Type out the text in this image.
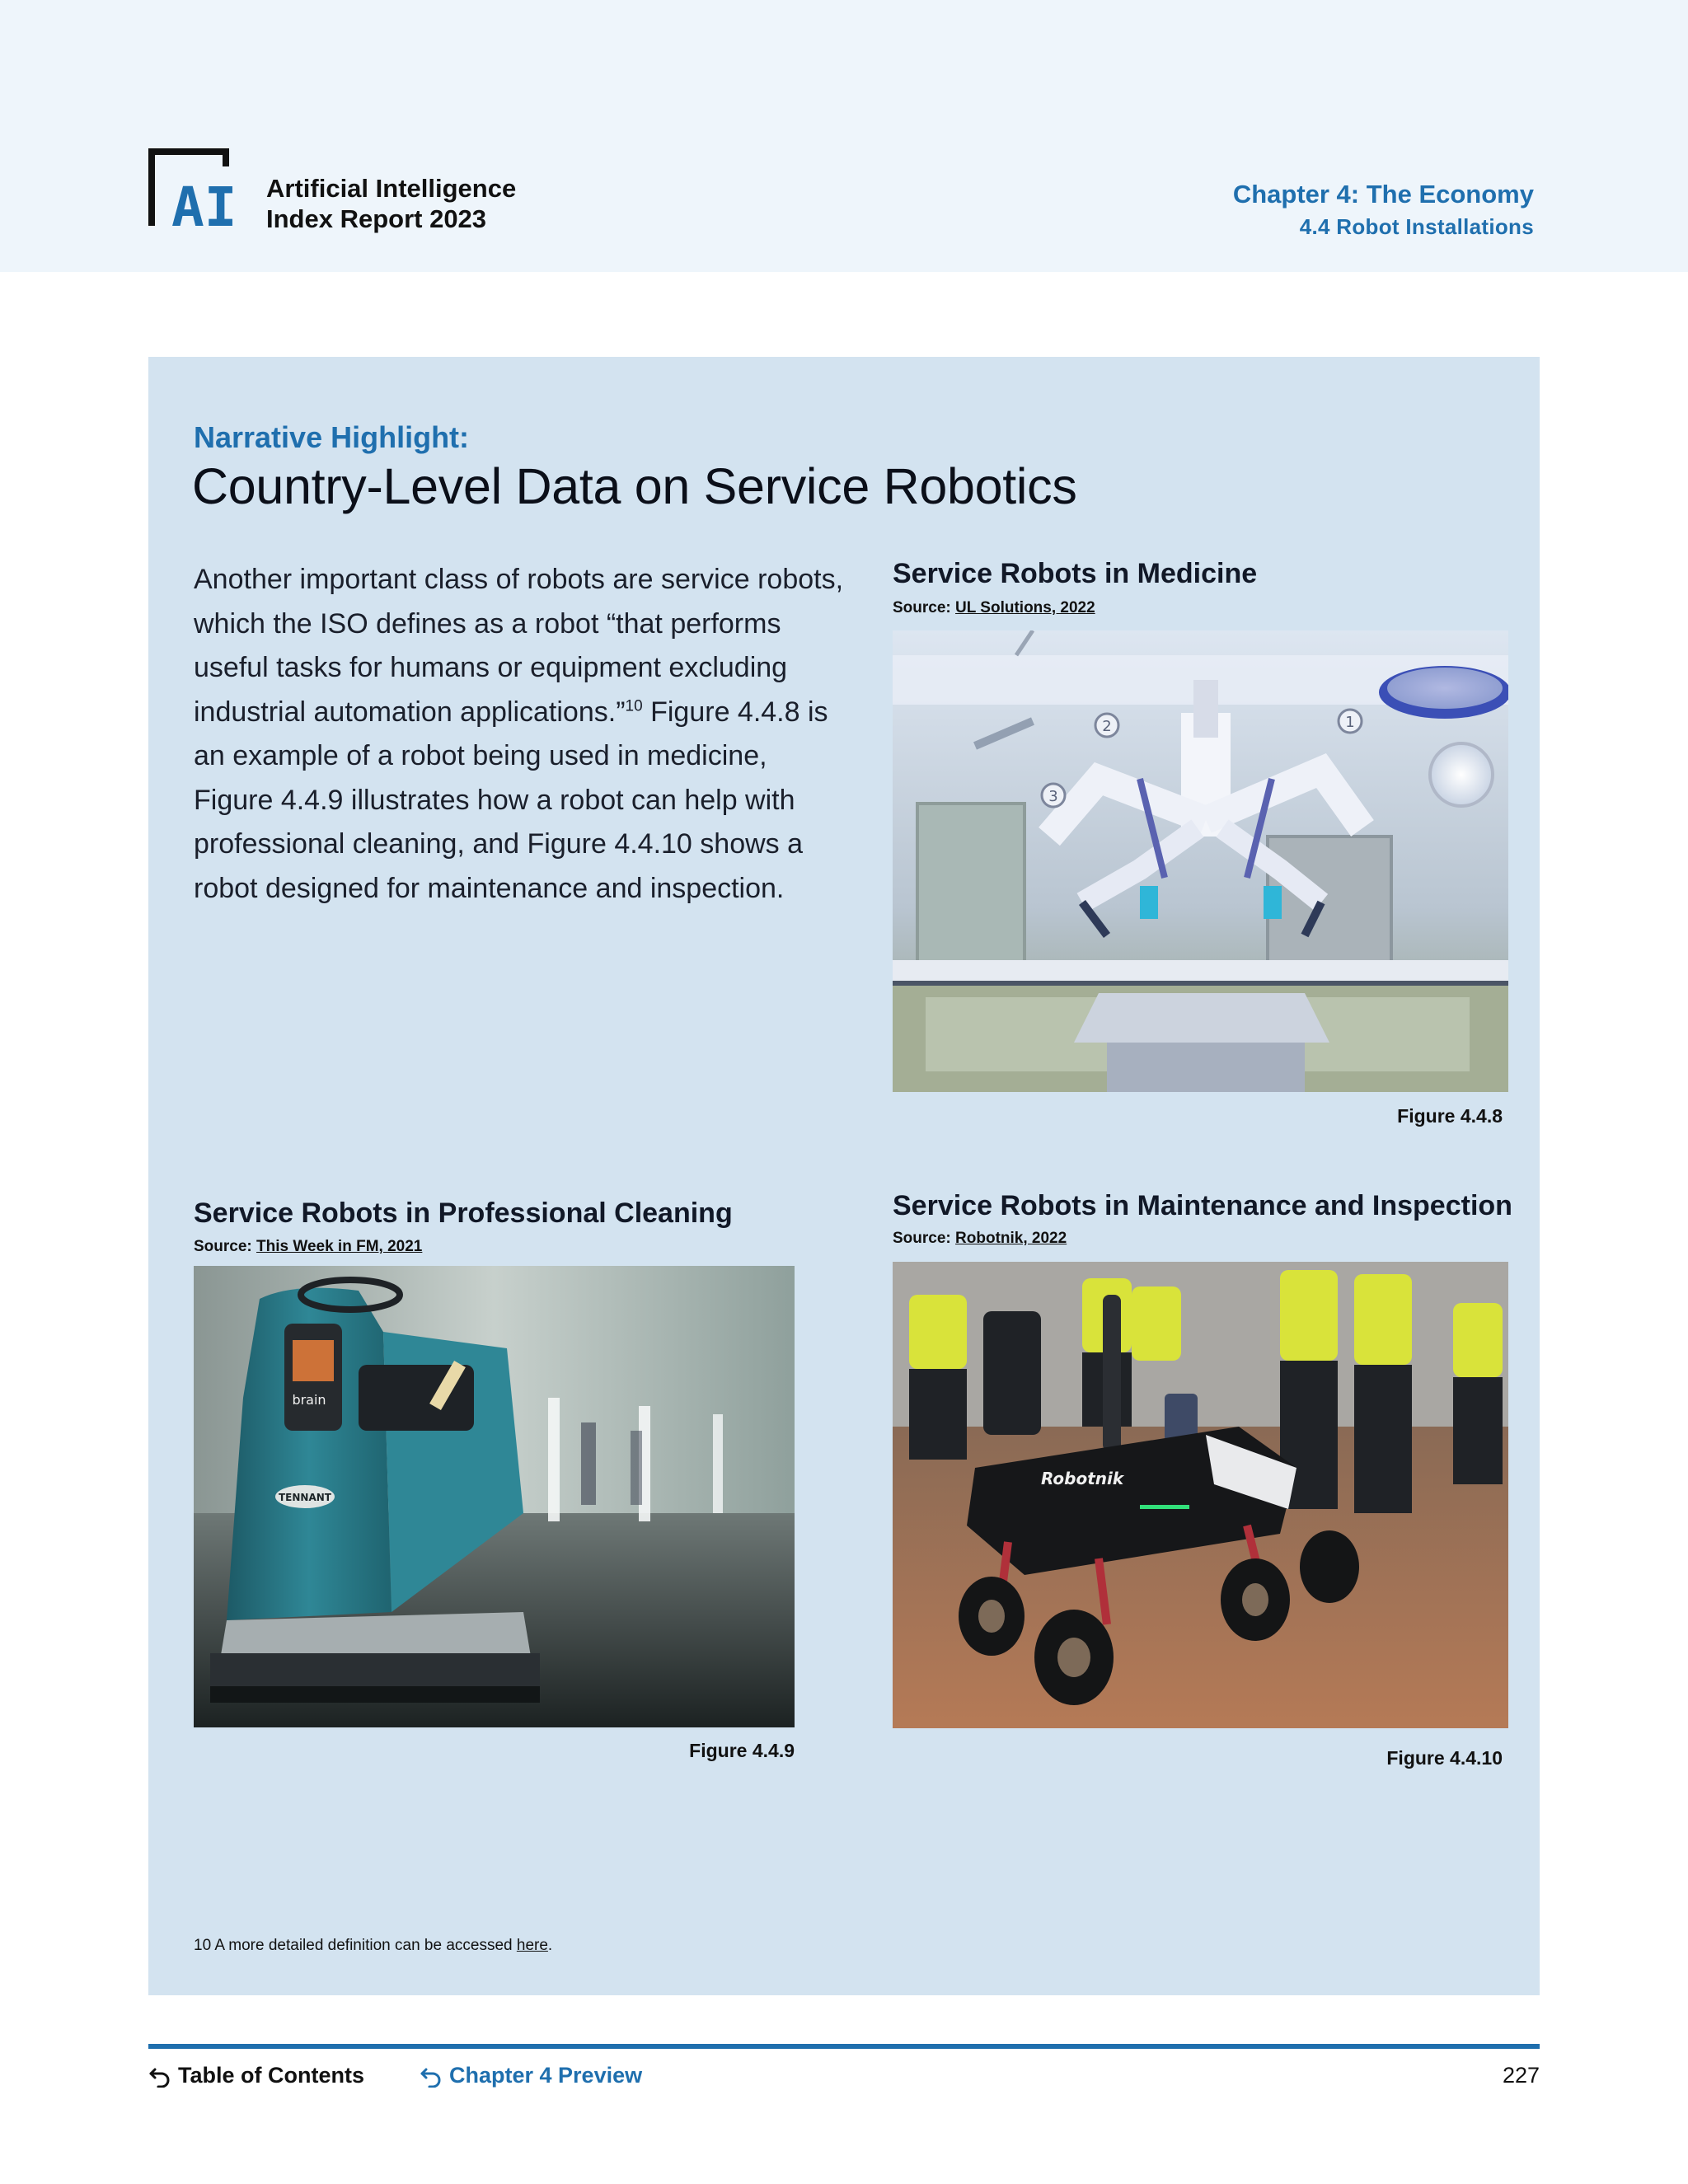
AI Artificial Intelligence
Index Report 2023
Chapter 4: The Economy
4.4 Robot Installations
Narrative Highlight:
Country-Level Data on Service Robotics
Another important class of robots are service robots, which the ISO defines as a robot “that performs useful tasks for humans or equipment excluding industrial automation applications.”$^{10}$ Figure 4.4.8 is an example of a robot being used in medicine, Figure 4.4.9 illustrates how a robot can help with professional cleaning, and Figure 4.4.10 shows a robot designed for maintenance and inspection.
Service Robots in Medicine
Source: UL Solutions, 2022
2	1
3
Figure 4.4.8
Service Robots in Professional Cleaning
Source: This Week in FM, 2021
brain
TENNANT
Figure 4.4.9
Service Robots in Maintenance and Inspection
Source: Robotnik, 2022
Robotnik
Figure 4.4.10
10 A more detailed definition can be accessed here.
Table of Contents	Chapter 4 Preview	227
